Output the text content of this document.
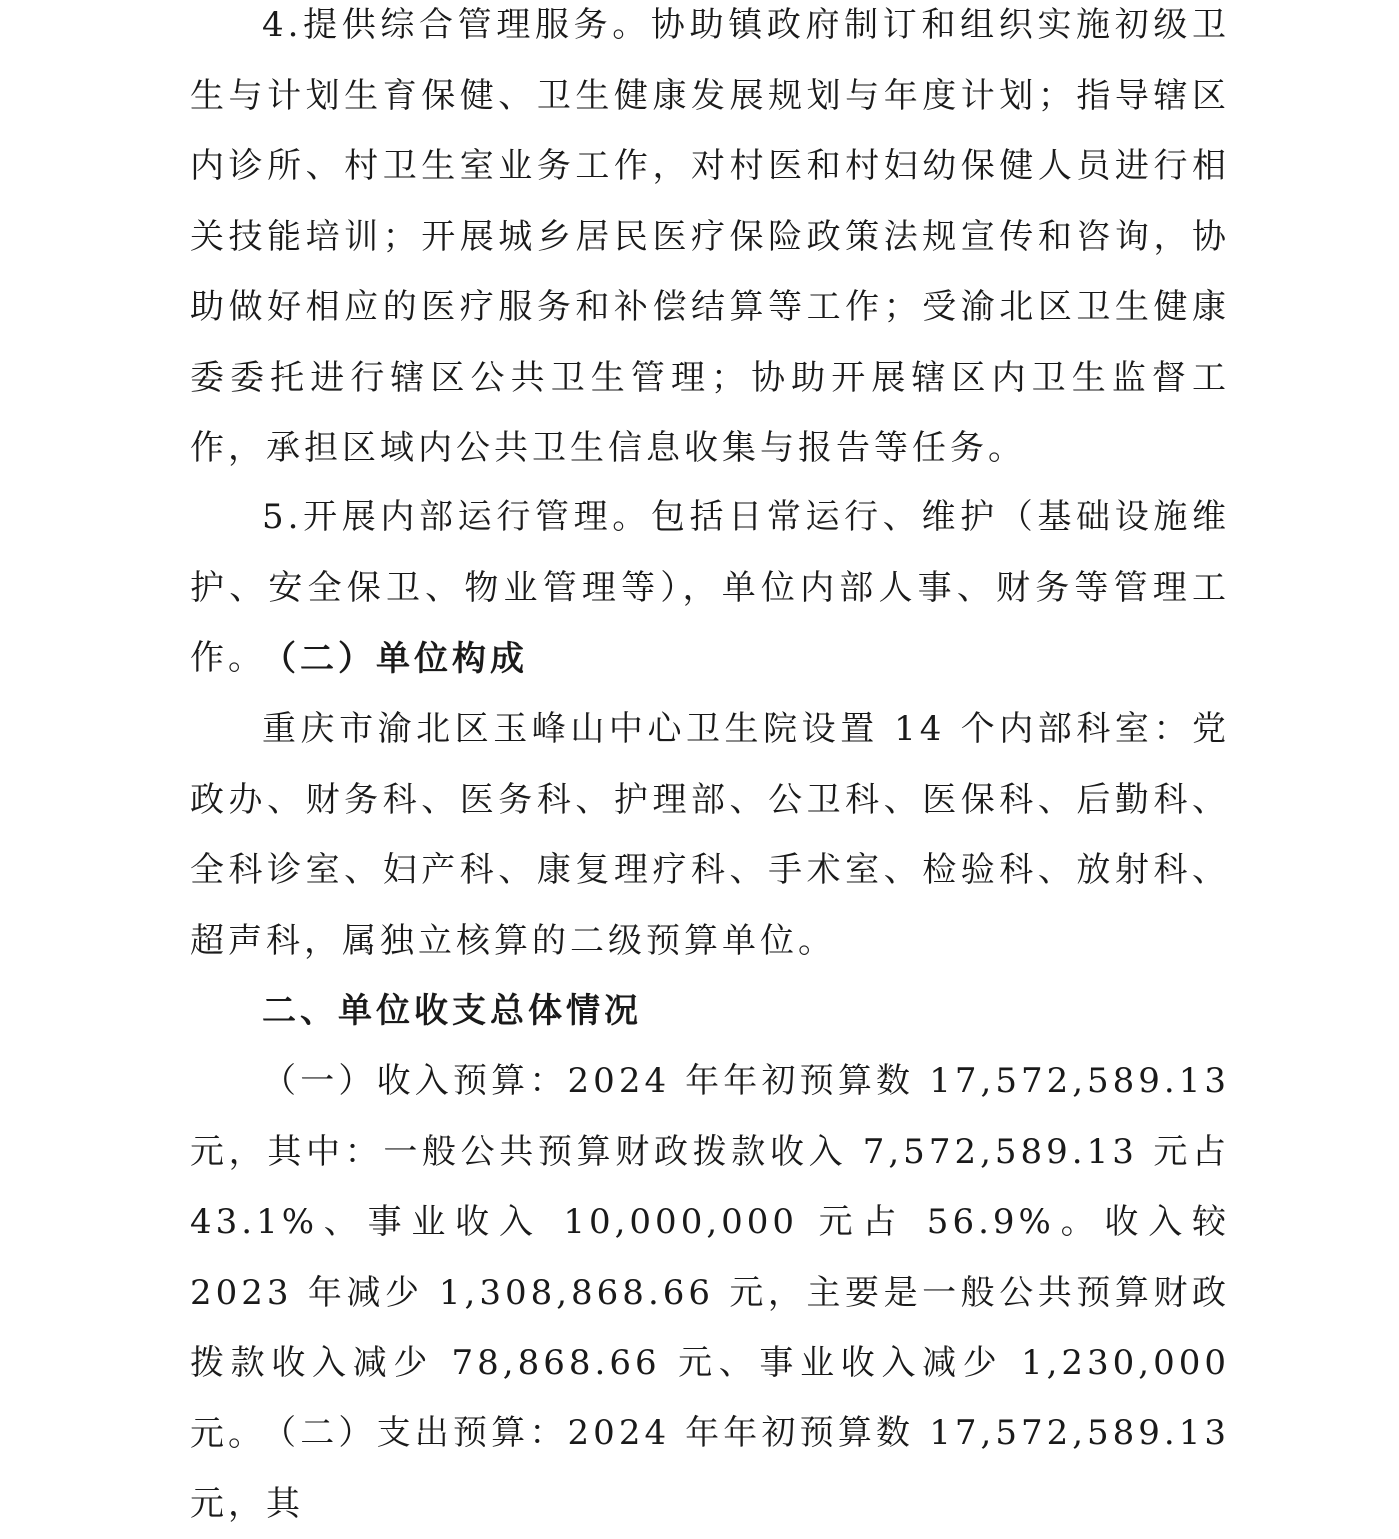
4.提供综合管理服务。协助镇政府制订和组织实施初级卫生与计划生育保健、卫生健康发展规划与年度计划；指导辖区内诊所、村卫生室业务工作，对村医和村妇幼保健人员进行相关技能培训；开展城乡居民医疗保险政策法规宣传和咨询，协助做好相应的医疗服务和补偿结算等工作；受渝北区卫生健康委委托进行辖区公共卫生管理；协助开展辖区内卫生监督工作，承担区域内公共卫生信息收集与报告等任务。

5.开展内部运行管理。包括日常运行、维护（基础设施维护、安全保卫、物业管理等），单位内部人事、财务等管理工作。

（二）单位构成

重庆市渝北区玉峰山中心卫生院设置 14 个内部科室：党政办、财务科、医务科、护理部、公卫科、医保科、后勤科、全科诊室、妇产科、康复理疗科、手术室、检验科、放射科、超声科，属独立核算的二级预算单位。

二、单位收支总体情况

（一）收入预算：2024 年年初预算数 17,572,589.13 元，其中：一般公共预算财政拨款收入 7,572,589.13 元占 43.1%、事业收入 10,000,000 元占 56.9%。收入较 2023 年减少 1,308,868.66 元，主要是一般公共预算财政拨款收入减少 78,868.66 元、事业收入减少 1,230,000 元。

（二）支出预算：2024 年年初预算数 17,572,589.13 元，其
